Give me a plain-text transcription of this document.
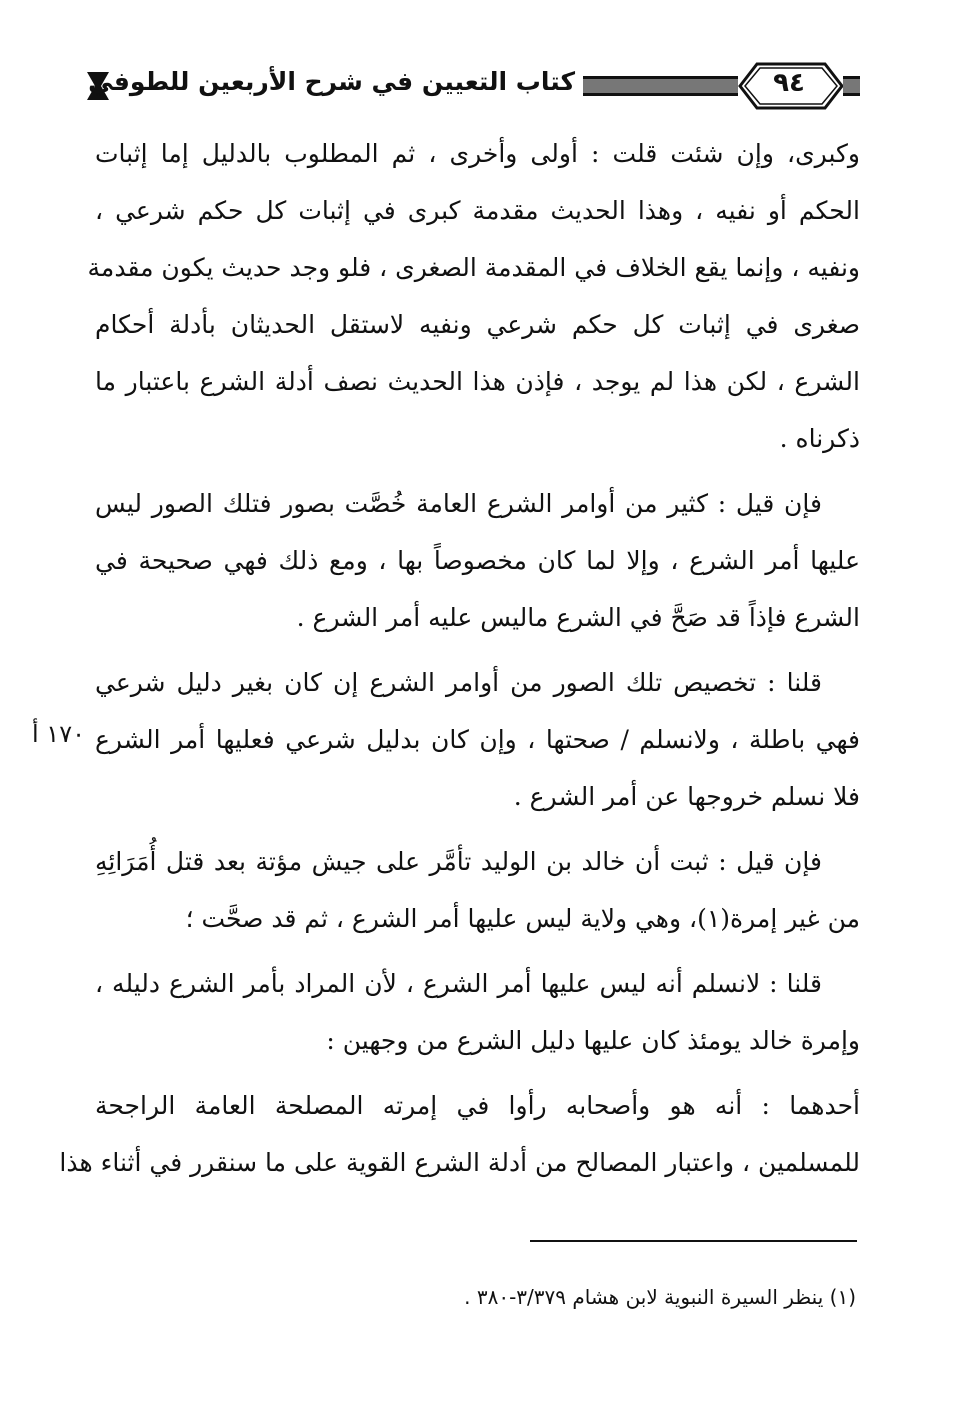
٩٤
كتاب التعيين في شرح الأربعين للطوفي
١٧٠ أ
وكبرى، وإن شئت قلت : أولى وأخرى ، ثم المطلوب بالدليل إما إثبات
الحكم أو نفيه ، وهذا الحديث مقدمة كبرى في إثبات كل حكم شرعي ،
ونفيه ، وإنما يقع الخلاف في المقدمة الصغرى ، فلو وجد حديث يكون مقدمة
صغرى في إثبات كل حكم شرعي ونفيه لاستقل الحديثان بأدلة أحكام
الشرع ، لكن هذا لم يوجد ، فإذن هذا الحديث نصف أدلة الشرع باعتبار ما
ذكرناه .
فإن قيل : كثير من أوامر الشرع العامة خُصَّت بصور فتلك الصور ليس
عليها أمر الشرع ، وإلا لما كان مخصوصاً بها ، ومع ذلك فهي صحيحة في
الشرع فإذاً قد صَحَّ في الشرع ماليس عليه أمر الشرع .
قلنا : تخصيص تلك الصور من أوامر الشرع إن كان بغير دليل شرعي
فهي باطلة ، ولانسلم / صحتها ، وإن كان بدليل شرعي فعليها أمر الشرع
فلا نسلم خروجها عن أمر الشرع .
فإن قيل : ثبت أن خالد بن الوليد تأمَّر على جيش مؤتة بعد قتل أُمَرَائِهِ
من غير إمرة(١)، وهي ولاية ليس عليها أمر الشرع ، ثم قد صحَّت ؛
قلنا : لانسلم أنه ليس عليها أمر الشرع ، لأن المراد بأمر الشرع دليله ،
وإمرة خالد يومئذ كان عليها دليل الشرع من وجهين :
أحدهما : أنه هو وأصحابه رأوا في إمرته المصلحة العامة الراجحة
للمسلمين ، واعتبار المصالح من أدلة الشرع القوية على ما سنقرر في أثناء هذا
(١) ينظر السيرة النبوية لابن هشام ٣/٣٧٩-٣٨٠ .
